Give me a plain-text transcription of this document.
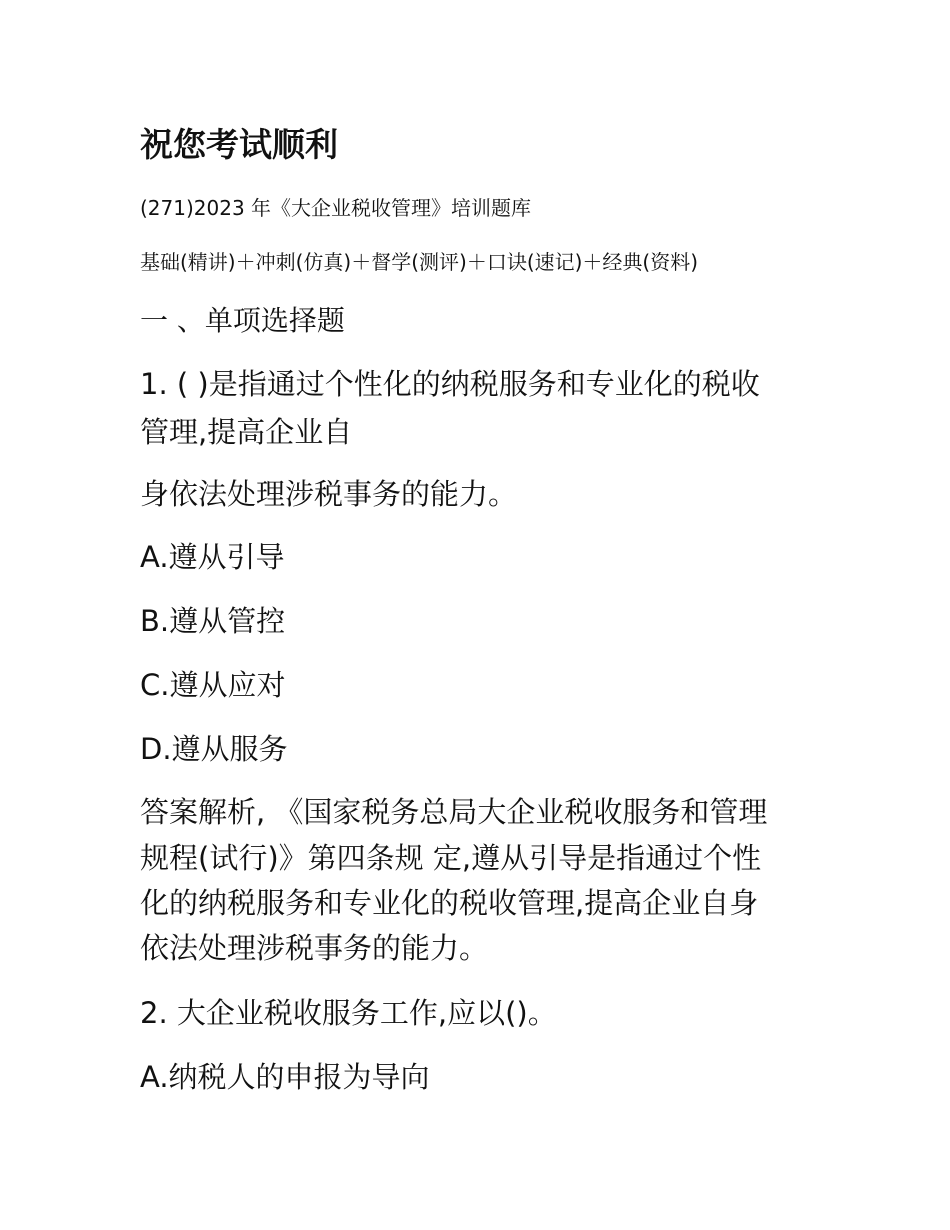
祝您考试顺利

(271)2023 年《大企业税收管理》培训题库

基础(精讲)＋冲刺(仿真)＋督学(测评)＋口诀(速记)＋经典(资料)

一 、单项选择题

1. ( )是指通过个性化的纳税服务和专业化的税收

管理,提高企业自

身依法处理涉税事务的能力。

A.遵从引导

B.遵从管控

C.遵从应对

D.遵从服务

答案解析, 《国家税务总局大企业税收服务和管理

规程(试行)》第四条规 定,遵从引导是指通过个性

化的纳税服务和专业化的税收管理,提高企业自身

依法处理涉税事务的能力。

2. 大企业税收服务工作,应以()。

A.纳税人的申报为导向
